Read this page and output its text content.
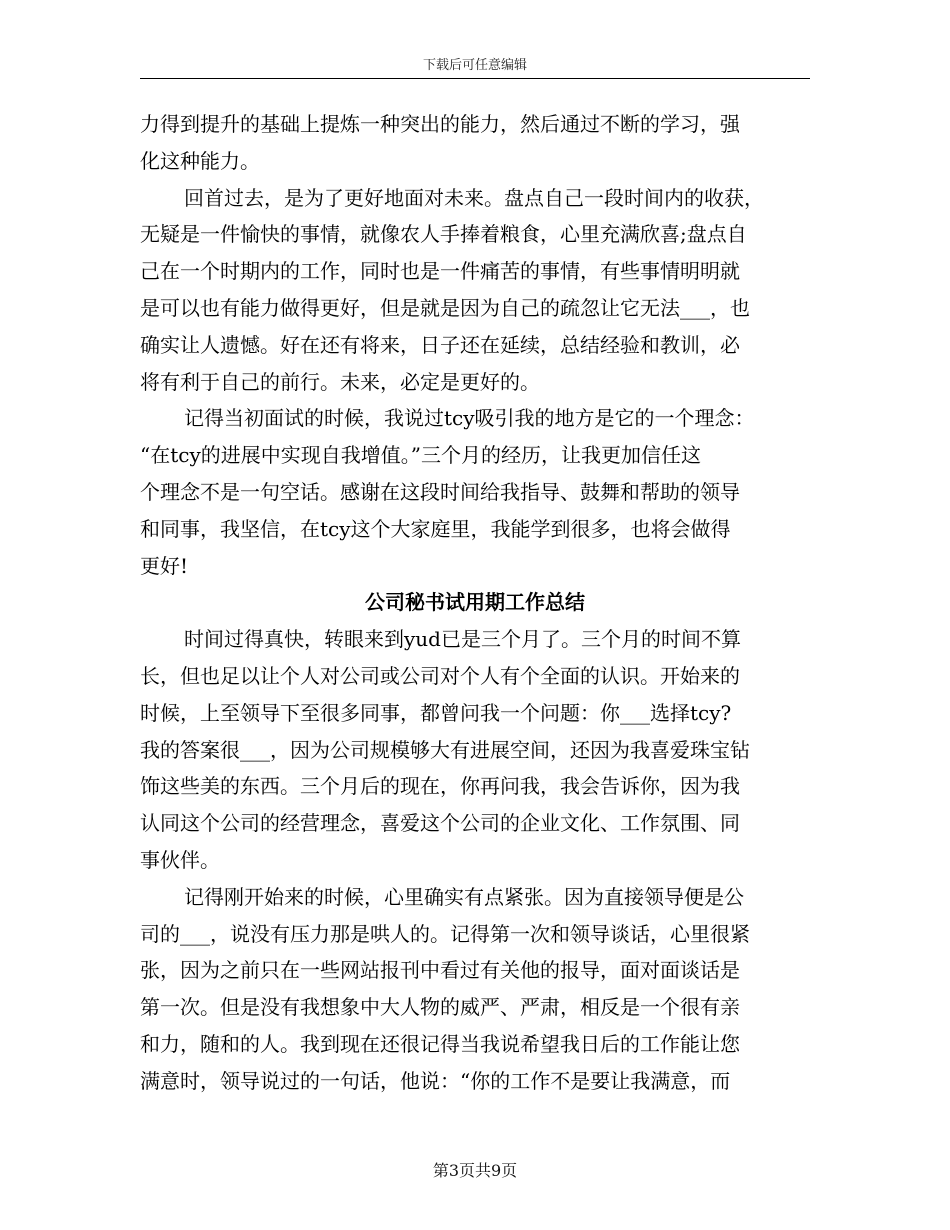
下载后可任意编辑
力得到提升的基础上提炼一种突出的能力，然后通过不断的学习，强
化这种能力。
回首过去，是为了更好地面对未来。盘点自己一段时间内的收获，
无疑是一件愉快的事情，就像农人手捧着粮食，心里充满欣喜;盘点自
己在一个时期内的工作，同时也是一件痛苦的事情，有些事情明明就
是可以也有能力做得更好，但是就是因为自己的疏忽让它无法___，也
确实让人遗憾。好在还有将来，日子还在延续，总结经验和教训，必
将有利于自己的前行。未来，必定是更好的。
记得当初面试的时候，我说过tcy吸引我的地方是它的一个理念：
“在tcy的进展中实现自我增值。”三个月的经历，让我更加信任这
个理念不是一句空话。感谢在这段时间给我指导、鼓舞和帮助的领导
和同事，我坚信，在tcy这个大家庭里，我能学到很多，也将会做得
更好!
公司秘书试用期工作总结
时间过得真快，转眼来到yud已是三个月了。三个月的时间不算
长，但也足以让个人对公司或公司对个人有个全面的认识。开始来的
时候，上至领导下至很多同事，都曾问我一个问题：你___选择tcy?
我的答案很___，因为公司规模够大有进展空间，还因为我喜爱珠宝钻
饰这些美的东西。三个月后的现在，你再问我，我会告诉你，因为我
认同这个公司的经营理念，喜爱这个公司的企业文化、工作氛围、同
事伙伴。
记得刚开始来的时候，心里确实有点紧张。因为直接领导便是公
司的___，说没有压力那是哄人的。记得第一次和领导谈话，心里很紧
张，因为之前只在一些网站报刊中看过有关他的报导，面对面谈话是
第一次。但是没有我想象中大人物的威严、严肃，相反是一个很有亲
和力，随和的人。我到现在还很记得当我说希望我日后的工作能让您
满意时，领导说过的一句话，他说：“你的工作不是要让我满意，而
第3页共9页
